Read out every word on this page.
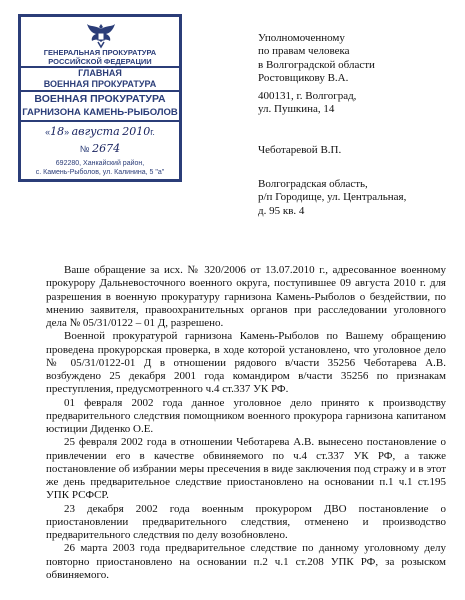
ГЕНЕРАЛЬНАЯ ПРОКУРАТУРА
РОССИЙСКОЙ ФЕДЕРАЦИИ
ГЛАВНАЯ
ВОЕННАЯ ПРОКУРАТУРА
ВОЕННАЯ ПРОКУРАТУРА
ГАРНИЗОНА КАМЕНЬ-РЫБОЛОВ
«18» августа 2010г.
№ 2674
692280, Ханкайский район,
с. Камень-Рыболов, ул. Калинина, 5 "а"
Уполномоченному
по правам человека
в Волгоградской области
Ростовщикову В.А.
400131, г. Волгоград,
ул. Пушкина, 14
Чеботаревой В.П.
Волгоградская область,
р/п Городище, ул. Центральная,
д. 95 кв. 4

Ваше обращение за исх. № 320/2006 от 13.07.2010 г., адресованное военному прокурору Дальневосточного военного округа, поступившее 09 августа 2010 г. для разрешения в военную прокуратуру гарнизона Камень-Рыболов о бездействии, по мнению заявителя, правоохранительных органов при расследовании уголовного дела № 05/31/0122 – 01 Д, разрешено.

Военной прокуратурой гарнизона Камень-Рыболов по Вашему обращению проведена прокурорская проверка, в ходе которой установлено, что уголовное дело № 05/31/0122-01 Д в отношении рядового в/части 35256 Чеботарева А.В. возбуждено 25 декабря 2001 года командиром в/части 35256 по признакам преступления, предусмотренного ч.4 ст.337 УК РФ.

01 февраля 2002 года данное уголовное дело принято к производству предварительного следствия помощником военного прокурора гарнизона капитаном юстиции Диденко О.Е.

25 февраля 2002 года в отношении Чеботарева А.В. вынесено постановление о привлечении его в качестве обвиняемого по ч.4 ст.337 УК РФ, а также постановление об избрании меры пресечения в виде заключения под стражу и в этот же день предварительное следствие приостановлено на основании п.1 ч.1 ст.195 УПК РСФСР.

23 декабря 2002 года военным прокурором ДВО постановление о приостановлении предварительного следствия, отменено и производство предварительного следствия по делу возобновлено.

26 марта 2003 года предварительное следствие по данному уголовному делу повторно приостановлено на основании п.2 ч.1 ст.208 УПК РФ, за розыском обвиняемого.
